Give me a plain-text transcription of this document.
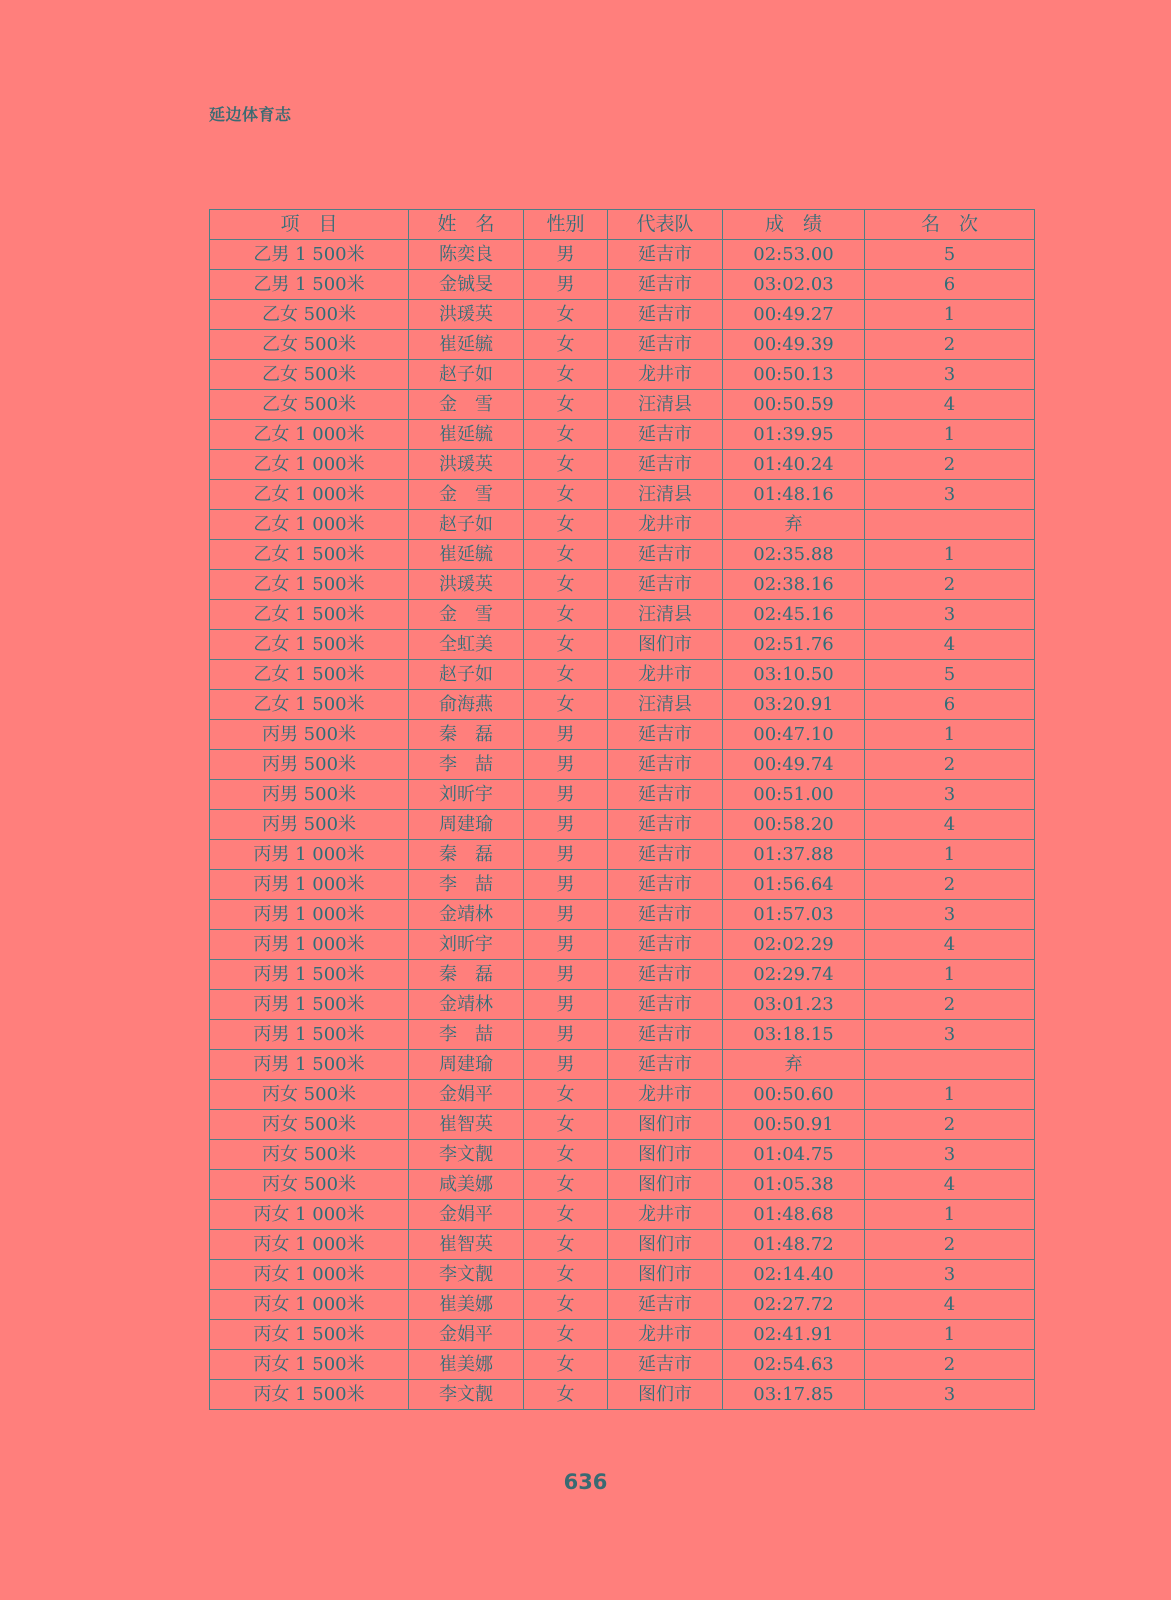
延边体育志
项　目	姓　名	性别	代表队	成　绩	名　次
乙男 1 500米	陈奕良	男	延吉市	02:53.00	5
乙男 1 500米	金铖旻	男	延吉市	03:02.03	6
乙女 500米	洪瑗英	女	延吉市	00:49.27	1
乙女 500米	崔延毓	女	延吉市	00:49.39	2
乙女 500米	赵子如	女	龙井市	00:50.13	3
乙女 500米	金　雪	女	汪清县	00:50.59	4
乙女 1 000米	崔延毓	女	延吉市	01:39.95	1
乙女 1 000米	洪瑗英	女	延吉市	01:40.24	2
乙女 1 000米	金　雪	女	汪清县	01:48.16	3
乙女 1 000米	赵子如	女	龙井市	弃	
乙女 1 500米	崔延毓	女	延吉市	02:35.88	1
乙女 1 500米	洪瑗英	女	延吉市	02:38.16	2
乙女 1 500米	金　雪	女	汪清县	02:45.16	3
乙女 1 500米	全虹美	女	图们市	02:51.76	4
乙女 1 500米	赵子如	女	龙井市	03:10.50	5
乙女 1 500米	俞海燕	女	汪清县	03:20.91	6
丙男 500米	秦　磊	男	延吉市	00:47.10	1
丙男 500米	李　喆	男	延吉市	00:49.74	2
丙男 500米	刘昕宇	男	延吉市	00:51.00	3
丙男 500米	周建瑜	男	延吉市	00:58.20	4
丙男 1 000米	秦　磊	男	延吉市	01:37.88	1
丙男 1 000米	李　喆	男	延吉市	01:56.64	2
丙男 1 000米	金靖林	男	延吉市	01:57.03	3
丙男 1 000米	刘昕宇	男	延吉市	02:02.29	4
丙男 1 500米	秦　磊	男	延吉市	02:29.74	1
丙男 1 500米	金靖林	男	延吉市	03:01.23	2
丙男 1 500米	李　喆	男	延吉市	03:18.15	3
丙男 1 500米	周建瑜	男	延吉市	弃	
丙女 500米	金娟平	女	龙井市	00:50.60	1
丙女 500米	崔智英	女	图们市	00:50.91	2
丙女 500米	李文靓	女	图们市	01:04.75	3
丙女 500米	咸美娜	女	图们市	01:05.38	4
丙女 1 000米	金娟平	女	龙井市	01:48.68	1
丙女 1 000米	崔智英	女	图们市	01:48.72	2
丙女 1 000米	李文靓	女	图们市	02:14.40	3
丙女 1 000米	崔美娜	女	延吉市	02:27.72	4
丙女 1 500米	金娟平	女	龙井市	02:41.91	1
丙女 1 500米	崔美娜	女	延吉市	02:54.63	2
丙女 1 500米	李文靓	女	图们市	03:17.85	3
636
